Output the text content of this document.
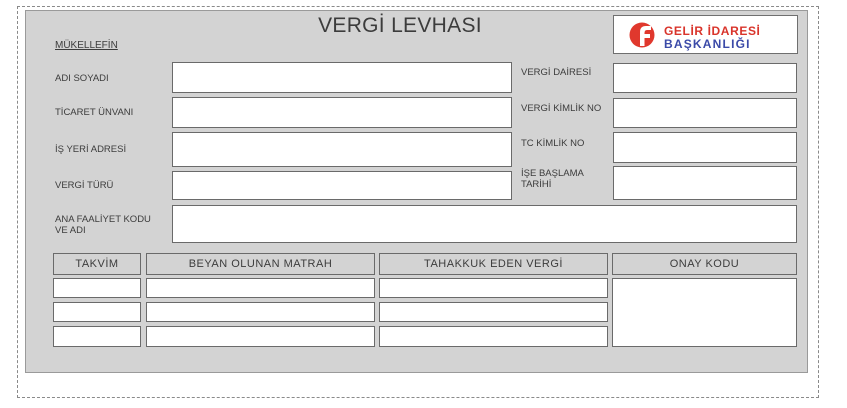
VERGİ LEVHASI
MÜKELLEFİN
GELİR İDARESİ
BAŞKANLIĞI
ADI SOYADI
TİCARET ÜNVANI
İŞ YERİ ADRESİ
VERGİ TÜRÜ
VERGİ DAİRESİ
VERGİ KİMLİK NO
TC KİMLİK NO
İŞE BAŞLAMA TARİHİ
ANA FAALİYET KODU VE ADI
TAKVİM	BEYAN OLUNAN MATRAH	TAHAKKUK EDEN VERGİ	ONAY KODU
